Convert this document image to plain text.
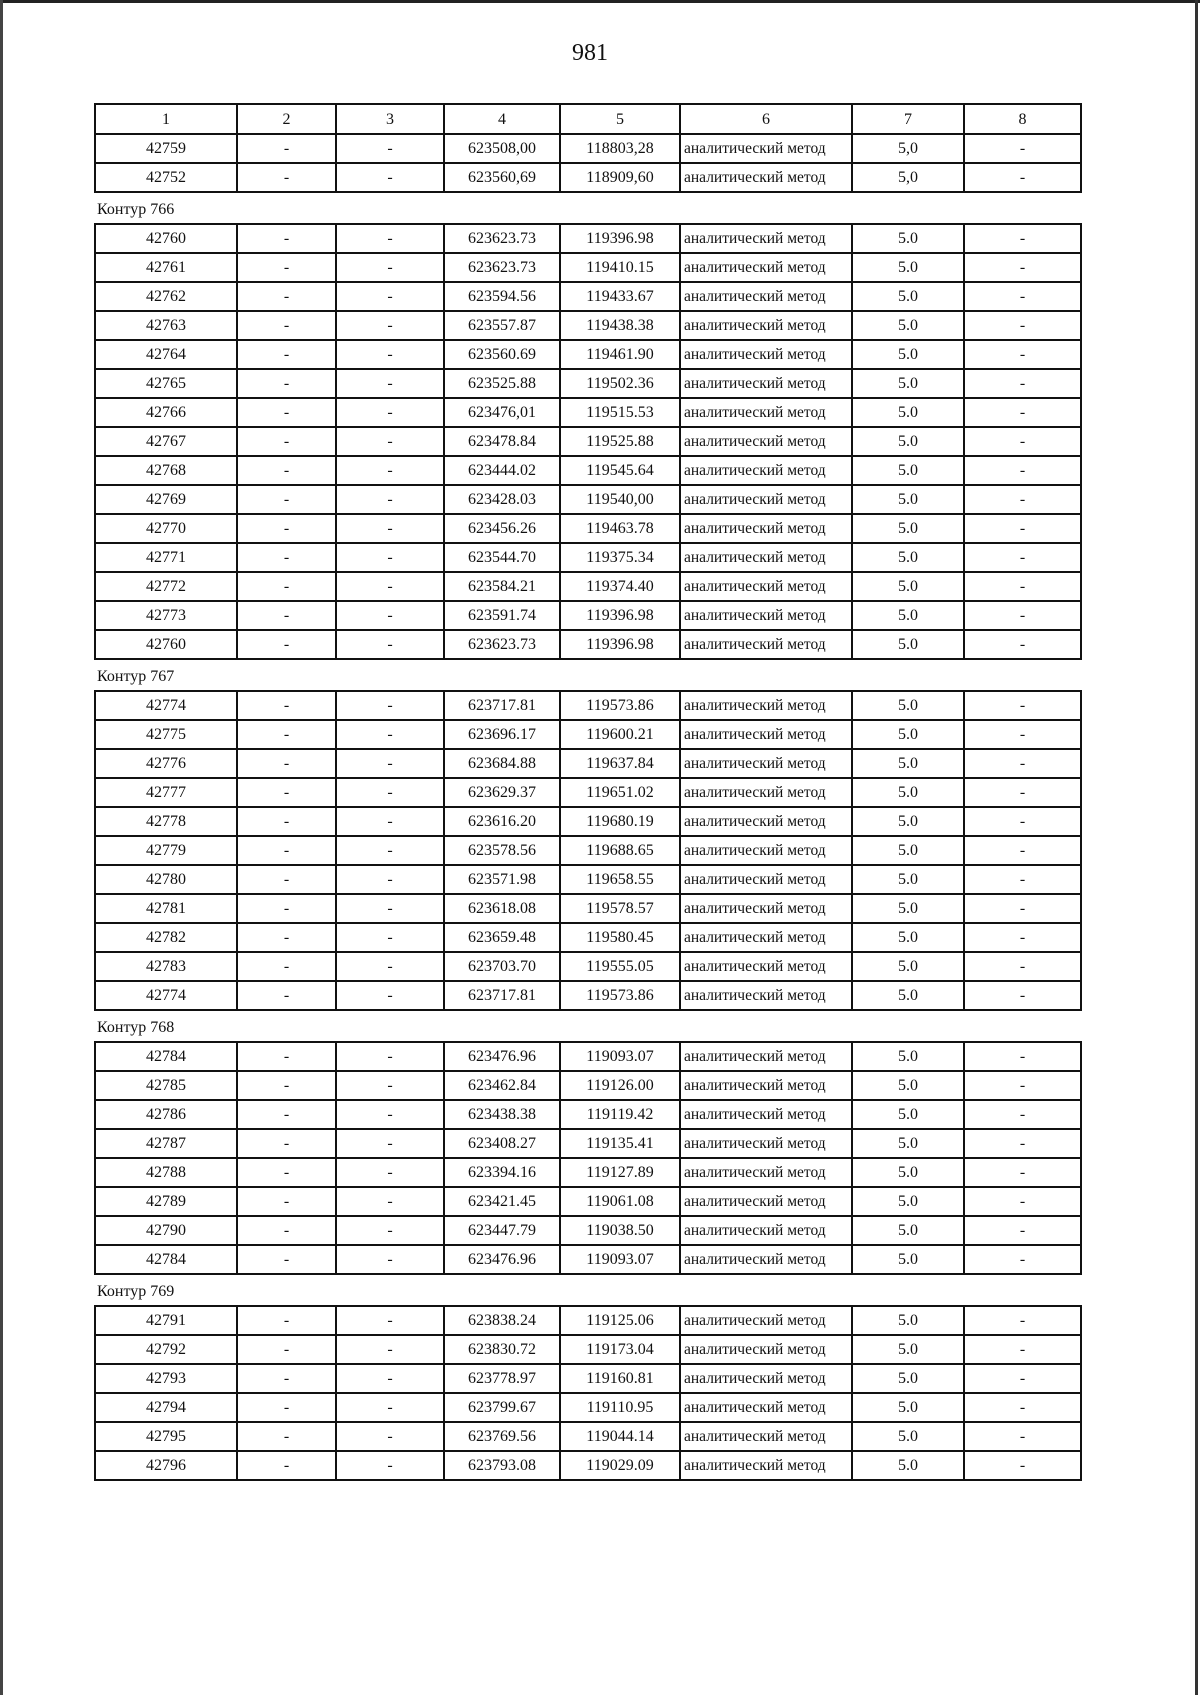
981
1	2	3	4	5	6	7	8
42759	-	-	623508,00	118803,28	аналитический метод	5,0	-
42752	-	-	623560,69	118909,60	аналитический метод	5,0	-
Контур 766
42760	-	-	623623.73	119396.98	аналитический метод	5.0	-
42761	-	-	623623.73	119410.15	аналитический метод	5.0	-
42762	-	-	623594.56	119433.67	аналитический метод	5.0	-
42763	-	-	623557.87	119438.38	аналитический метод	5.0	-
42764	-	-	623560.69	119461.90	аналитический метод	5.0	-
42765	-	-	623525.88	119502.36	аналитический метод	5.0	-
42766	-	-	623476,01	119515.53	аналитический метод	5.0	-
42767	-	-	623478.84	119525.88	аналитический метод	5.0	-
42768	-	-	623444.02	119545.64	аналитический метод	5.0	-
42769	-	-	623428.03	119540,00	аналитический метод	5.0	-
42770	-	-	623456.26	119463.78	аналитический метод	5.0	-
42771	-	-	623544.70	119375.34	аналитический метод	5.0	-
42772	-	-	623584.21	119374.40	аналитический метод	5.0	-
42773	-	-	623591.74	119396.98	аналитический метод	5.0	-
42760	-	-	623623.73	119396.98	аналитический метод	5.0	-
Контур 767
42774	-	-	623717.81	119573.86	аналитический метод	5.0	-
42775	-	-	623696.17	119600.21	аналитический метод	5.0	-
42776	-	-	623684.88	119637.84	аналитический метод	5.0	-
42777	-	-	623629.37	119651.02	аналитический метод	5.0	-
42778	-	-	623616.20	119680.19	аналитический метод	5.0	-
42779	-	-	623578.56	119688.65	аналитический метод	5.0	-
42780	-	-	623571.98	119658.55	аналитический метод	5.0	-
42781	-	-	623618.08	119578.57	аналитический метод	5.0	-
42782	-	-	623659.48	119580.45	аналитический метод	5.0	-
42783	-	-	623703.70	119555.05	аналитический метод	5.0	-
42774	-	-	623717.81	119573.86	аналитический метод	5.0	-
Контур 768
42784	-	-	623476.96	119093.07	аналитический метод	5.0	-
42785	-	-	623462.84	119126.00	аналитический метод	5.0	-
42786	-	-	623438.38	119119.42	аналитический метод	5.0	-
42787	-	-	623408.27	119135.41	аналитический метод	5.0	-
42788	-	-	623394.16	119127.89	аналитический метод	5.0	-
42789	-	-	623421.45	119061.08	аналитический метод	5.0	-
42790	-	-	623447.79	119038.50	аналитический метод	5.0	-
42784	-	-	623476.96	119093.07	аналитический метод	5.0	-
Контур 769
42791	-	-	623838.24	119125.06	аналитический метод	5.0	-
42792	-	-	623830.72	119173.04	аналитический метод	5.0	-
42793	-	-	623778.97	119160.81	аналитический метод	5.0	-
42794	-	-	623799.67	119110.95	аналитический метод	5.0	-
42795	-	-	623769.56	119044.14	аналитический метод	5.0	-
42796	-	-	623793.08	119029.09	аналитический метод	5.0	-
